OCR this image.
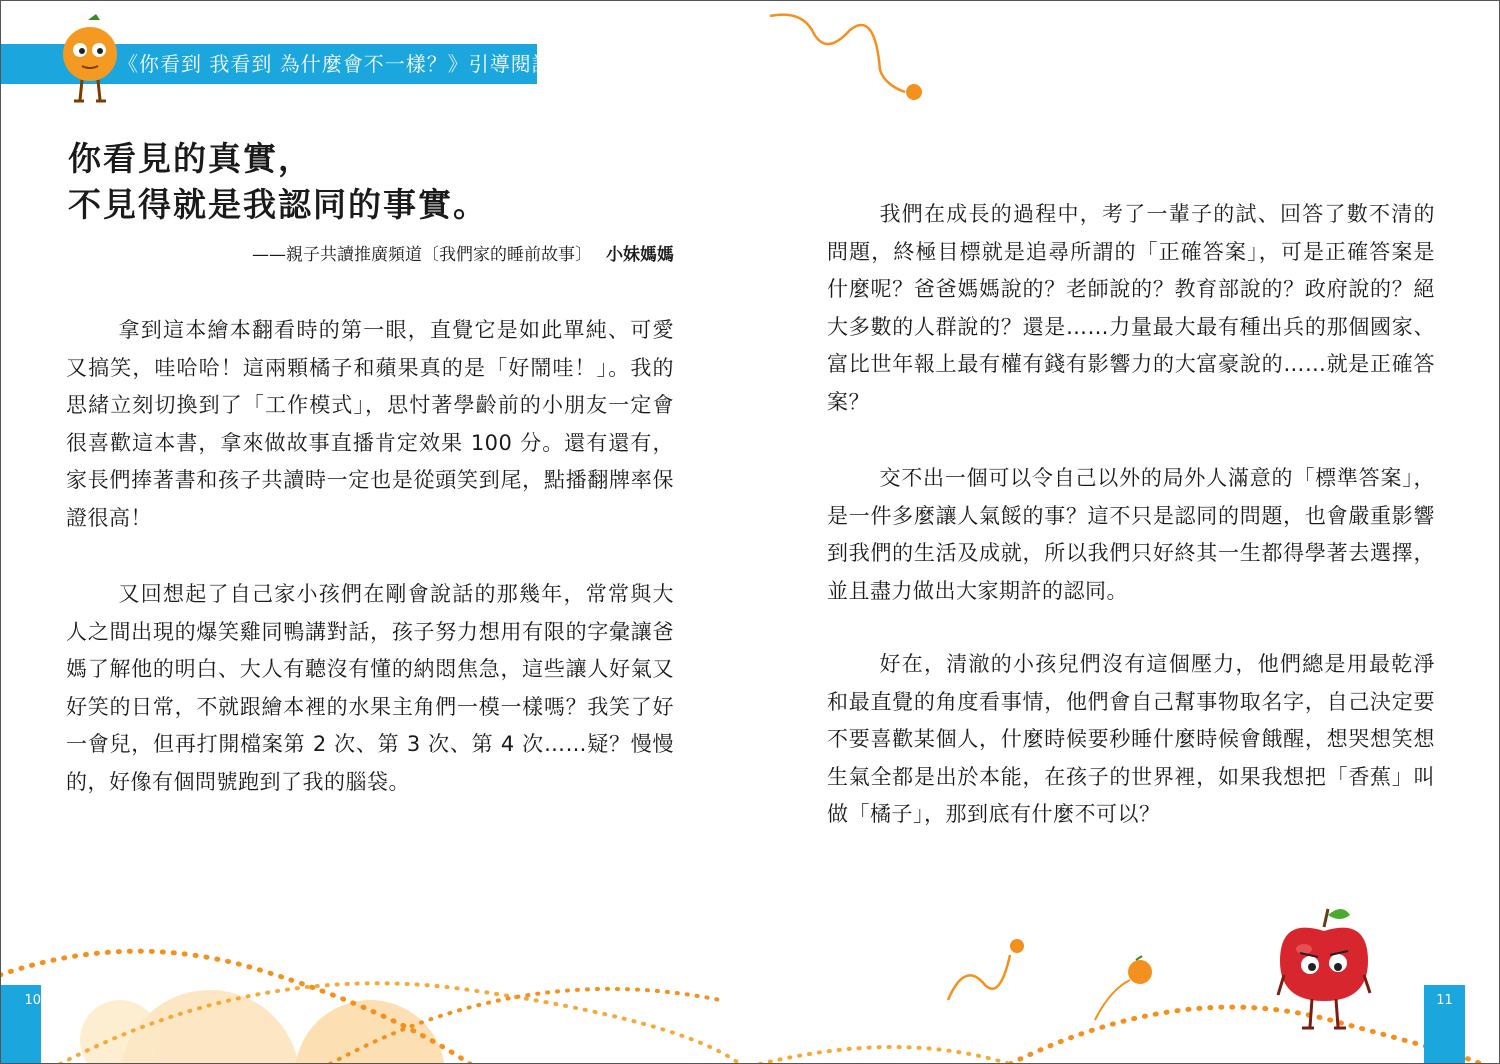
《你看到 我看到 為什麼會不一樣？》引導閱讀
你看見的真實，
不見得就是我認同的事實。
——親子共讀推廣頻道〔我們家的睡前故事〕 小妹媽媽

拿到這本繪本翻看時的第一眼，直覺它是如此單純、可愛又搞笑，哇哈哈！這兩顆橘子和蘋果真的是「好鬧哇！」。我的思緒立刻切換到了「工作模式」，思忖著學齡前的小朋友一定會很喜歡這本書，拿來做故事直播肯定效果 100 分。還有還有，家長們捧著書和孩子共讀時一定也是從頭笑到尾，點播翻牌率保證很高！

又回想起了自己家小孩們在剛會說話的那幾年，常常與大人之間出現的爆笑雞同鴨講對話，孩子努力想用有限的字彙讓爸媽了解他的明白、大人有聽沒有懂的納悶焦急，這些讓人好氣又好笑的日常，不就跟繪本裡的水果主角們一模一樣嗎？我笑了好一會兒，但再打開檔案第 2 次、第 3 次、第 4 次……疑？慢慢的，好像有個問號跑到了我的腦袋。

我們在成長的過程中，考了一輩子的試、回答了數不清的問題，終極目標就是追尋所謂的「正確答案」，可是正確答案是什麼呢？爸爸媽媽說的？老師說的？教育部說的？政府說的？絕大多數的人群說的？還是……力量最大最有種出兵的那個國家、富比世年報上最有權有錢有影響力的大富豪說的……就是正確答案？

交不出一個可以令自己以外的局外人滿意的「標準答案」，是一件多麼讓人氣餒的事？這不只是認同的問題，也會嚴重影響到我們的生活及成就，所以我們只好終其一生都得學著去選擇，並且盡力做出大家期許的認同。

好在，清澈的小孩兒們沒有這個壓力，他們總是用最乾淨和最直覺的角度看事情，他們會自己幫事物取名字，自己決定要不要喜歡某個人，什麼時候要秒睡什麼時候會餓醒，想哭想笑想生氣全都是出於本能，在孩子的世界裡，如果我想把「香蕉」叫做「橘子」，那到底有什麼不可以？

10	11
